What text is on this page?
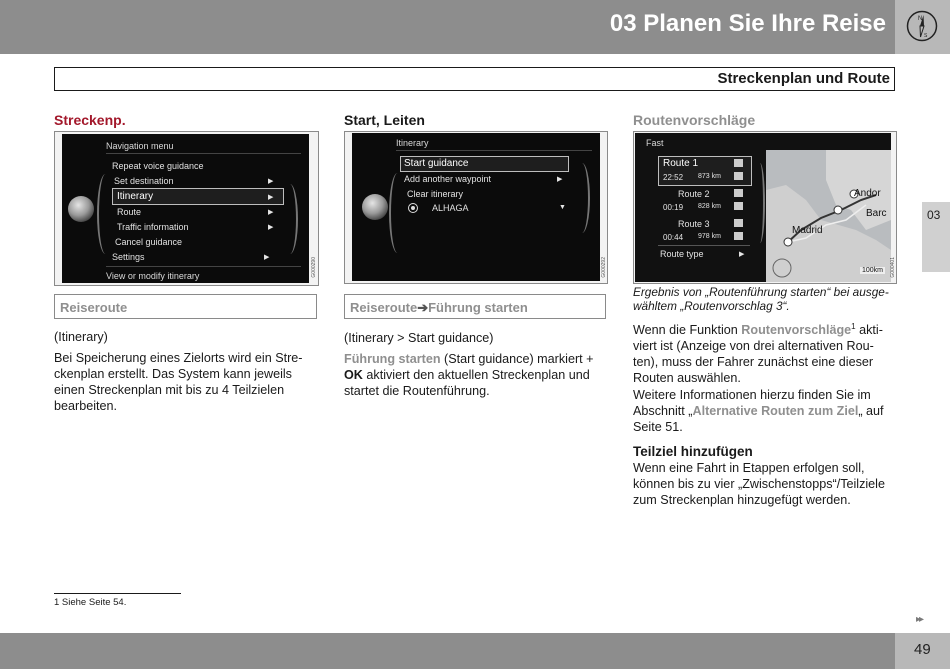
03 Planen Sie Ihre Reise	N
S
Streckenplan und Route
03
Streckenp.
Navigation menu
Repeat voice guidance
Set destination	▶
Itinerary	▶
Route	▶
Traffic information	▶
Cancel guidance
Settings	▶
View or modify itinerary	G000290
Reiseroute
(Itinerary)
Bei Speicherung eines Zielorts wird ein Stre-ckenplan erstellt. Das System kann jeweils einen Streckenplan mit bis zu 4 Teilzielen bearbeiten.
Start, Leiten
Itinerary
Start guidance
Add another waypoint	▶
Clear itinerary
ALHAGA	▼
G000292
Reiseroute➔Führung starten
(Itinerary > Start guidance)
Führung starten (Start guidance) markiert + OK aktiviert den aktuellen Streckenplan und startet die Routenführung.
Routenvorschläge
Fast
Andor
Barc
Madrid
100km
Route 1
22:52 873 km
Route 2
00:19 828 km
Route 3
00:44 978 km
Route type	▶
G000401
Ergebnis von „Routenführung starten“ bei ausge-wähltem „Routenvorschlag 3“.
Wenn die Funktion Routenvorschläge$^1$ akti-viert ist (Anzeige von drei alternativen Rou-ten), muss der Fahrer zunächst eine dieser Routen auswählen.
Weitere Informationen hierzu finden Sie im Abschnitt „Alternative Routen zum Ziel„ auf Seite 51.
Teilziel hinzufügen
Wenn eine Fahrt in Etappen erfolgen soll, können bis zu vier „Zwischenstopps“/Teilziele zum Streckenplan hinzugefügt werden.
1 Siehe Seite 54.
▸▸
49
